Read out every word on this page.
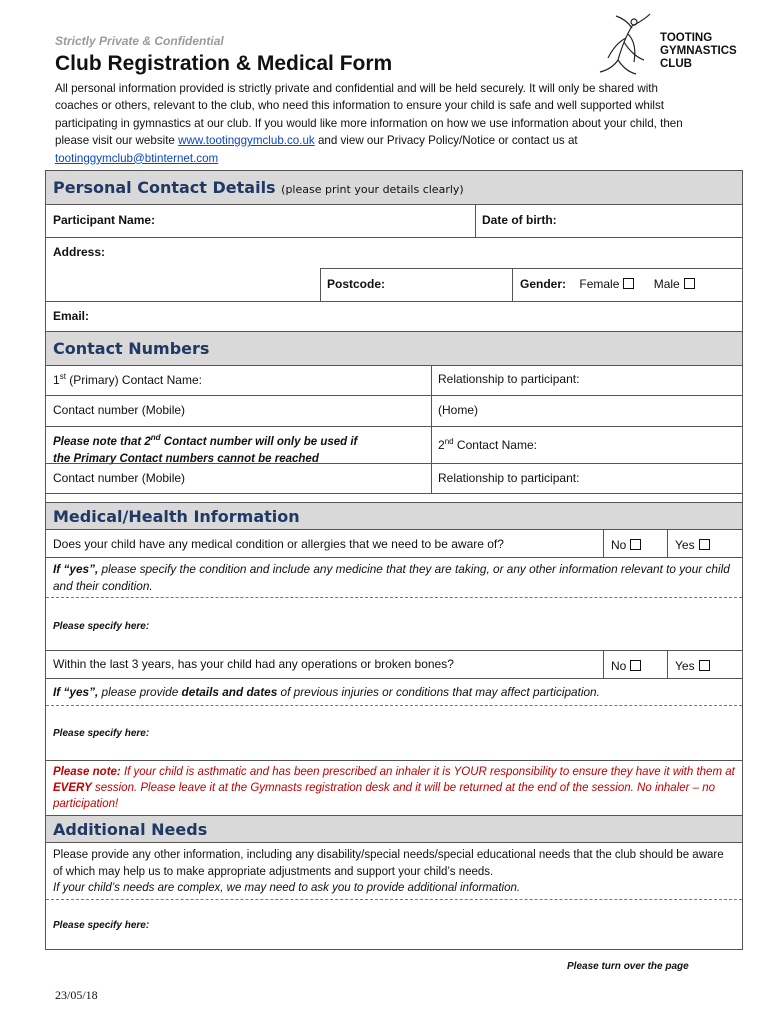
Strictly Private & Confidential
Club Registration & Medical Form
All personal information provided is strictly private and confidential and will be held securely. It will only be shared with coaches or others, relevant to the club, who need this information to ensure your child is safe and well supported whilst participating in gymnastics at our club. If you would like more information on how we use information about your child, then please visit our website www.tootinggymclub.co.uk and view our Privacy Policy/Notice or contact us at tootinggymclub@btinternet.com
TOOTING
GYMNASTICS
CLUB
Personal Contact Details (please print your details clearly)
Participant Name:	Date of birth:
Address:
Postcode:	Gender: Female	Male
Email:
Contact Numbers
1st (Primary) Contact Name:	Relationship to participant:
Contact number (Mobile)	(Home)
Please note that 2nd Contact number will only be used if
the Primary Contact numbers cannot be reached
2nd Contact Name:
Contact number (Mobile)	Relationship to participant:
Medical/Health Information
Does your child have any medical condition or allergies that we need to be aware of?	No	Yes
If “yes”, please specify the condition and include any medicine that they are taking, or any other information relevant to your child and their condition.
Please specify here:
Within the last 3 years, has your child had any operations or broken bones?	No	Yes
If “yes”, please provide details and dates of previous injuries or conditions that may affect participation.
Please specify here:
Please note: If your child is asthmatic and has been prescribed an inhaler it is YOUR responsibility to ensure they have it with them at EVERY session. Please leave it at the Gymnasts registration desk and it will be returned at the end of the session. No inhaler – no participation!
Additional Needs
Please provide any other information, including any disability/special needs/special educational needs that the club should be aware of which may help us to make appropriate adjustments and support your child’s needs.
If your child’s needs are complex, we may need to ask you to provide additional information.
Please specify here:
Please turn over the page
23/05/18
